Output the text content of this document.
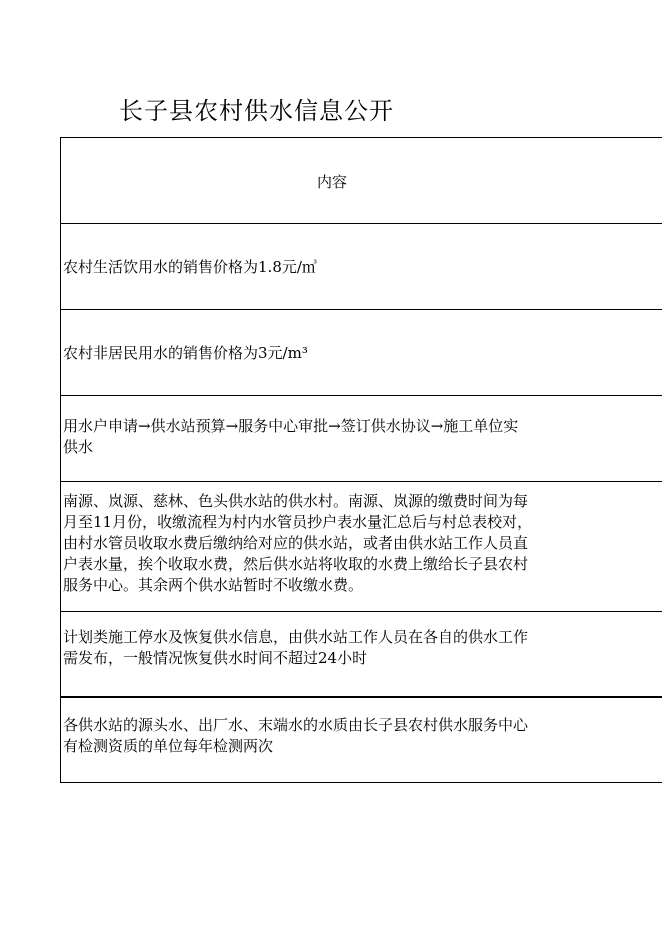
长子县农村供水信息公开
内容
农村生活饮用水的销售价格为1.8元/㎥
农村非居民用水的销售价格为3元/m³
用水户申请→供水站预算→服务中心审批→签订供水协议→施工单位实
供水
南源、岚源、慈林、色头供水站的供水村。南源、岚源的缴费时间为每
月至11月份，收缴流程为村内水管员抄户表水量汇总后与村总表校对，
由村水管员收取水费后缴纳给对应的供水站，或者由供水站工作人员直
户表水量，挨个收取水费，然后供水站将收取的水费上缴给长子县农村
服务中心。其余两个供水站暂时不收缴水费。
计划类施工停水及恢复供水信息，由供水站工作人员在各自的供水工作
需发布，一般情况恢复供水时间不超过24小时
各供水站的源头水、出厂水、末端水的水质由长子县农村供水服务中心
有检测资质的单位每年检测两次
